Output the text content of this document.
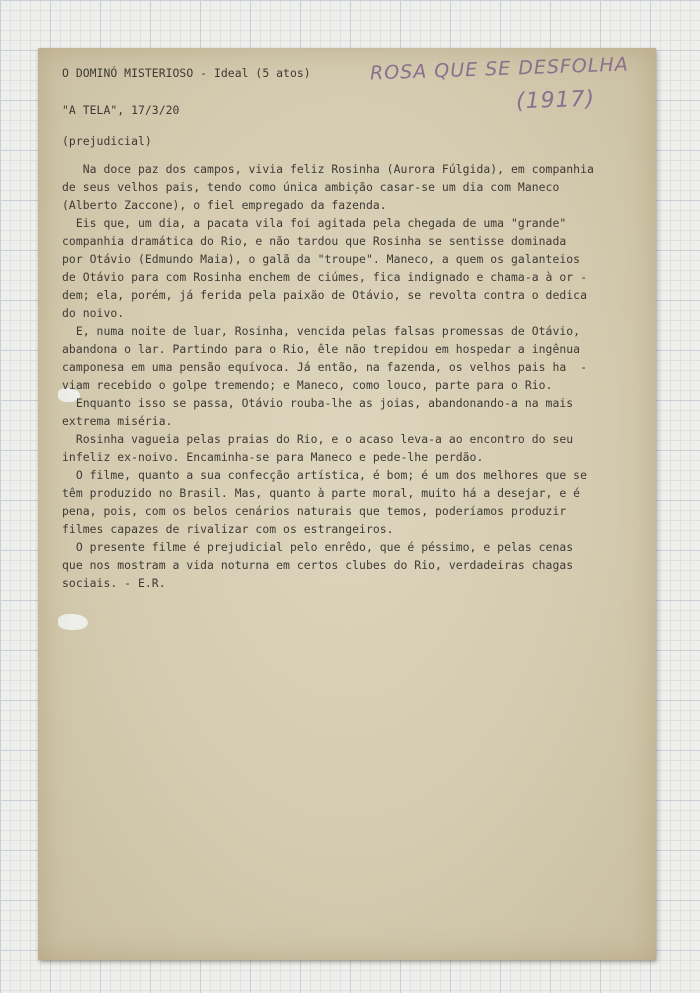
O DOMINÓ MISTERIOSO - Ideal (5 atos)	ROSA QUE SE DESFOLHA
(1917)
"A TELA", 17/3/20
(prejudicial)
Na doce paz dos campos, vivia feliz Rosinha (Aurora Fúlgida), em companhia
de seus velhos pais, tendo como única ambição casar-se um dia com Maneco
(Alberto Zaccone), o fiel empregado da fazenda.
Eis que, um dia, a pacata vila foi agitada pela chegada de uma "grande"
companhia dramática do Rio, e não tardou que Rosinha se sentisse dominada
por Otávio (Edmundo Maia), o galã da "troupe". Maneco, a quem os galanteios
de Otávio para com Rosinha enchem de ciúmes, fica indignado e chama-a à or -
dem; ela, porém, já ferida pela paixão de Otávio, se revolta contra o dedica
do noivo.
E, numa noite de luar, Rosinha, vencida pelas falsas promessas de Otávio,
abandona o lar. Partindo para o Rio, êle não trepidou em hospedar a ingênua
camponesa em uma pensão equívoca. Já então, na fazenda, os velhos pais ha  -
viam recebido o golpe tremendo; e Maneco, como louco, parte para o Rio.
Enquanto isso se passa, Otávio rouba-lhe as joias, abandonando-a na mais
extrema miséria.
Rosinha vagueia pelas praias do Rio, e o acaso leva-a ao encontro do seu
infeliz ex-noivo. Encaminha-se para Maneco e pede-lhe perdão.
O filme, quanto a sua confecção artística, é bom; é um dos melhores que se
têm produzido no Brasil. Mas, quanto à parte moral, muito há a desejar, e é
pena, pois, com os belos cenários naturais que temos, poderíamos produzir
filmes capazes de rivalizar com os estrangeiros.
O presente filme é prejudicial pelo enrêdo, que é péssimo, e pelas cenas
que nos mostram a vida noturna em certos clubes do Rio, verdadeiras chagas
sociais. - E.R.
